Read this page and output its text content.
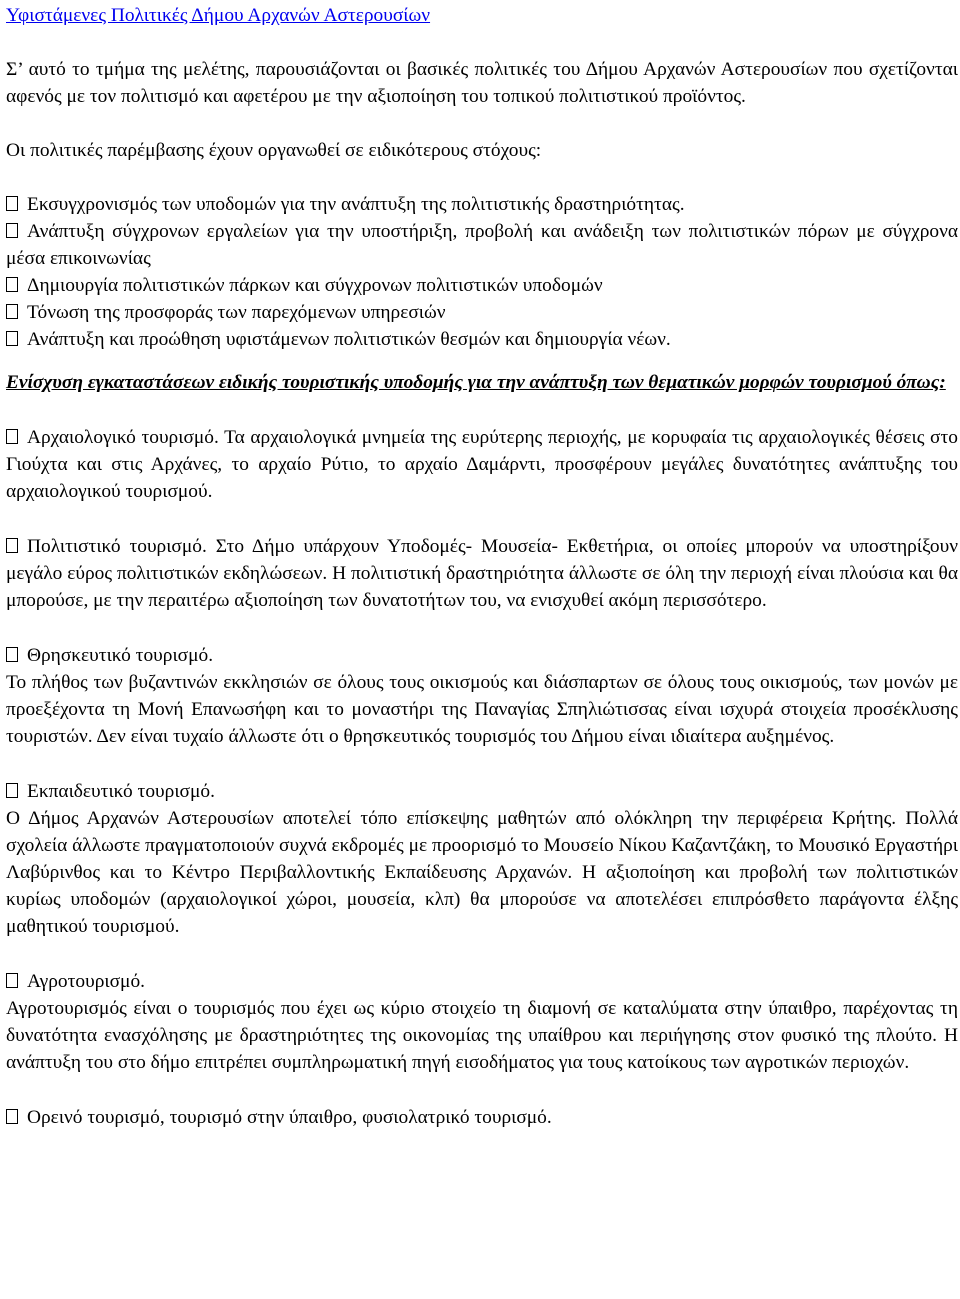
Υφιστάμενες Πολιτικές Δήμου Αρχανών Αστερουσίων

Σ’ αυτό το τμήμα της μελέτης, παρουσιάζονται οι βασικές πολιτικές του Δήμου Αρχανών Αστερουσίων που σχετίζονται αφενός με τον πολιτισμό και αφετέρου με την αξιοποίηση του τοπικού πολιτιστικού προϊόντος.

Οι πολιτικές παρέμβασης έχουν οργανωθεί σε ειδικότερους στόχους:

Εκσυγχρονισμός των υποδομών για την ανάπτυξη της πολιτιστικής δραστηριότητας.

Ανάπτυξη σύγχρονων εργαλείων για την υποστήριξη, προβολή και ανάδειξη των πολιτιστικών πόρων με σύγχρονα μέσα επικοινωνίας

Δημιουργία πολιτιστικών πάρκων και σύγχρονων πολιτιστικών υποδομών

Τόνωση της προσφοράς των παρεχόμενων υπηρεσιών

Ανάπτυξη και προώθηση υφιστάμενων πολιτιστικών θεσμών και δημιουργία νέων.

Ενίσχυση εγκαταστάσεων ειδικής τουριστικής υποδομής για την ανάπτυξη των θεματικών μορφών τουρισμού όπως:

Αρχαιολογικό τουρισμό. Τα αρχαιολογικά μνημεία της ευρύτερης περιοχής, με κορυφαία τις αρχαιολογικές θέσεις στο Γιούχτα και στις Αρχάνες, το αρχαίο Ρύτιο, το αρχαίο Δαμάρντι, προσφέρουν μεγάλες δυνατότητες ανάπτυξης του αρχαιολογικού τουρισμού.

Πολιτιστικό τουρισμό. Στο Δήμο υπάρχουν Υποδομές- Μουσεία- Εκθετήρια, οι οποίες μπορούν να υποστηρίξουν μεγάλο εύρος πολιτιστικών εκδηλώσεων. Η πολιτιστική δραστηριότητα άλλωστε σε όλη την περιοχή είναι πλούσια και θα μπορούσε, με την περαιτέρω αξιοποίηση των δυνατοτήτων του, να ενισχυθεί ακόμη περισσότερο.

Θρησκευτικό τουρισμό.

Το πλήθος των βυζαντινών εκκλησιών σε όλους τους οικισμούς και διάσπαρτων σε όλους τους οικισμούς, των μονών με προεξέχοντα τη Μονή Επανωσήφη και το μοναστήρι της Παναγίας Σπηλιώτισσας είναι ισχυρά στοιχεία προσέκλυσης τουριστών. Δεν είναι τυχαίο άλλωστε ότι ο θρησκευτικός τουρισμός του Δήμου είναι ιδιαίτερα αυξημένος.

Εκπαιδευτικό τουρισμό.

Ο Δήμος Αρχανών Αστερουσίων αποτελεί τόπο επίσκεψης μαθητών από ολόκληρη την περιφέρεια Κρήτης. Πολλά σχολεία άλλωστε πραγματοποιούν συχνά εκδρομές με προορισμό το Μουσείο Νίκου Καζαντζάκη, το Μουσικό Εργαστήρι Λαβύρινθος και το Κέντρο Περιβαλλοντικής Εκπαίδευσης Αρχανών. Η αξιοποίηση και προβολή των πολιτιστικών κυρίως υποδομών (αρχαιολογικοί χώροι, μουσεία, κλπ) θα μπορούσε να αποτελέσει επιπρόσθετο παράγοντα έλξης μαθητικού τουρισμού.

Αγροτουρισμό.

Αγροτουρισμός είναι ο τουρισμός που έχει ως κύριο στοιχείο τη διαμονή σε καταλύματα στην ύπαιθρο, παρέχοντας τη δυνατότητα ενασχόλησης με δραστηριότητες της οικονομίας της υπαίθρου και περιήγησης στον φυσικό της πλούτο. Η ανάπτυξη του στο δήμο επιτρέπει συμπληρωματική πηγή εισοδήματος για τους κατοίκους των αγροτικών περιοχών.

Ορεινό τουρισμό, τουρισμό στην ύπαιθρο, φυσιολατρικό τουρισμό.
